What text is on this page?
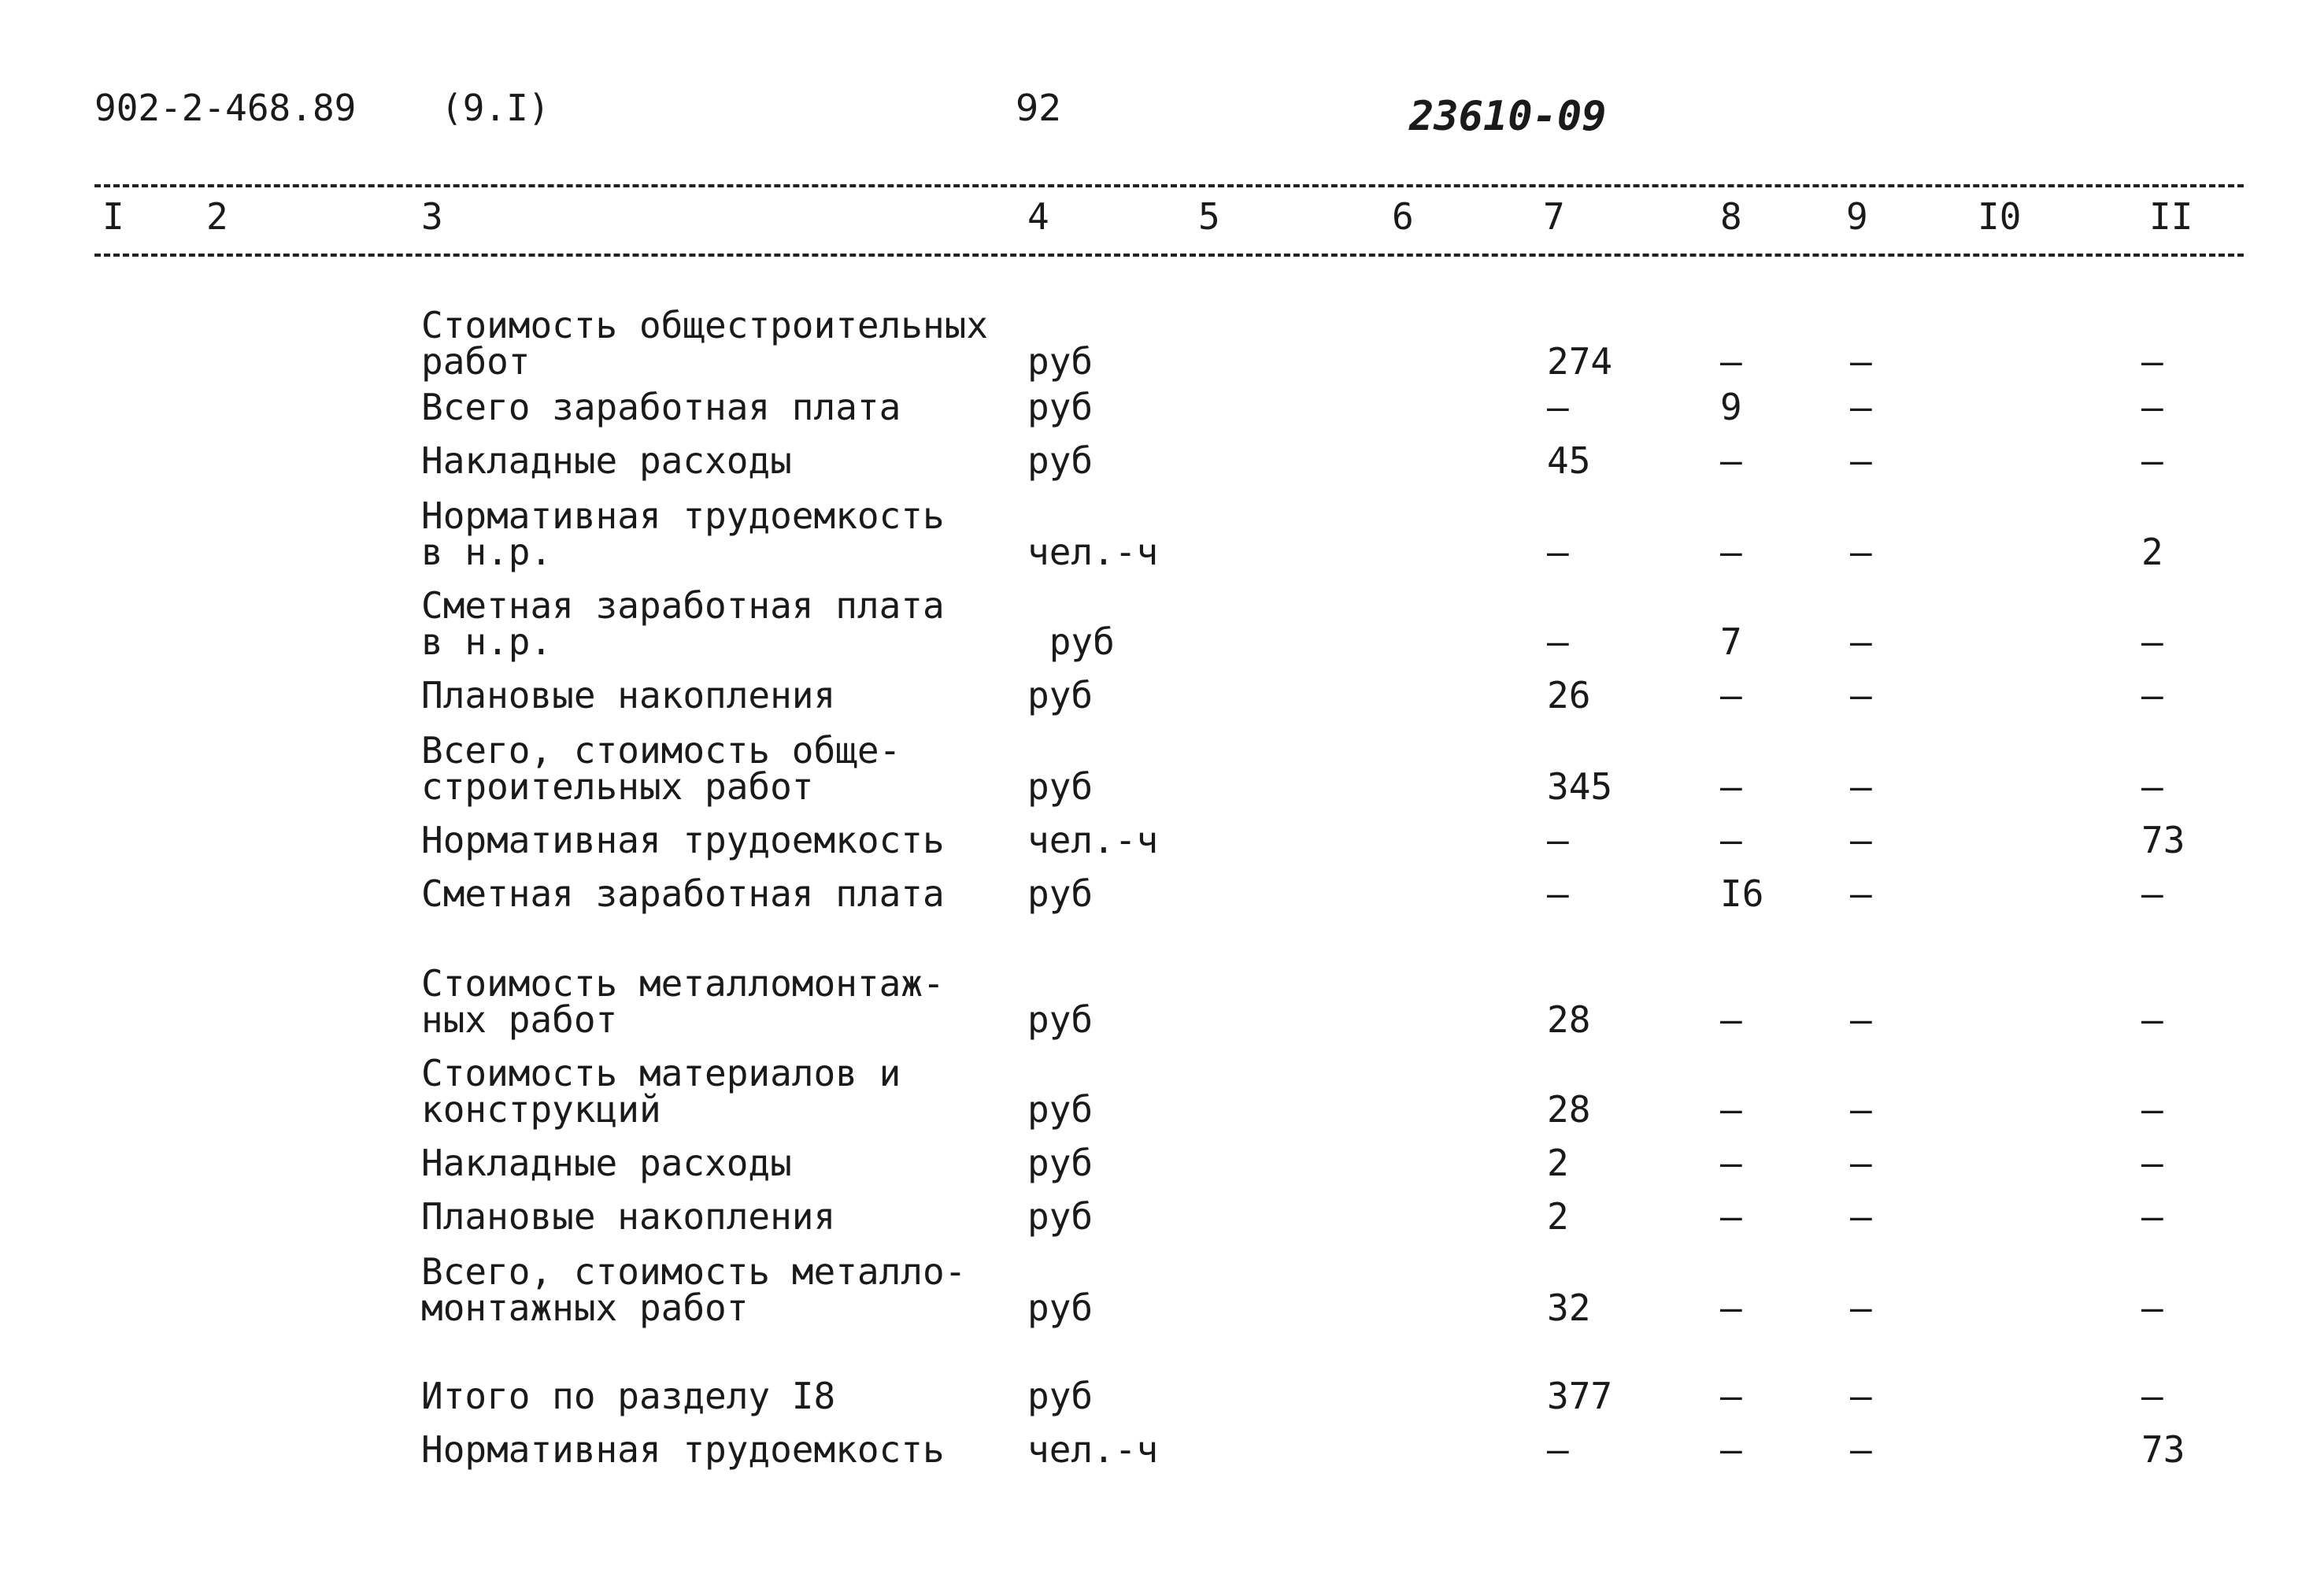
902-2-468.89 (9.I)	92	23610-09
I 2	3	4	5	6	7	8	9	I0	II
Стоимость общестроительных
работ	руб	274	–	–	–
Всего заработная плата	руб	–	9	–	–
Накладные расходы	руб	45	–	–	–
Нормативная трудоемкость
в н.р.	чел.-ч	–	–	–	2
Сметная заработная плата
в н.р.	руб	–	7	–	–
Плановые накопления	руб	26	–	–	–
Всего, стоимость обще-
строительных работ	руб	345	–	–	–
Нормативная трудоемкость чел.-ч	–	–	–	73
Сметная заработная плата руб	–	I6 –	–
Стоимость металломонтаж-
ных работ	руб	28	–	–	–
Стоимость материалов и
конструкций	руб	28	–	–	–
Накладные расходы	руб	2	–	–	–
Плановые накопления	руб	2	–	–	–
Всего, стоимость металло-
монтажных работ	руб	32	–	–	–
Итого по разделу I8	руб	377	–	–	–
Нормативная трудоемкость чел.-ч	–	–	–	73
